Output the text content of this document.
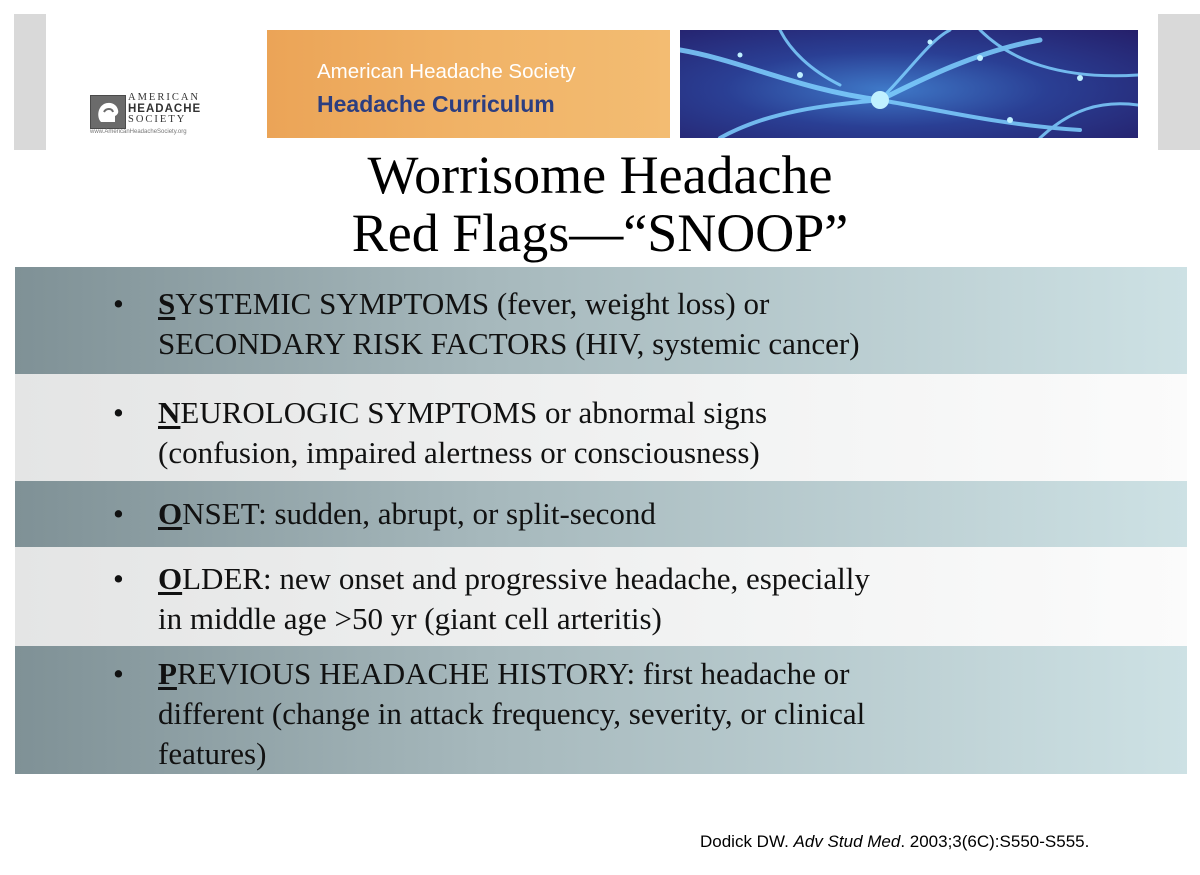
AMERICAN
HEADACHE
SOCIETY
www.AmericanHeadacheSociety.org
American Headache Society
Headache Curriculum
Worrisome Headache
Red Flags—“SNOOP”
• SYSTEMIC SYMPTOMS (fever, weight loss) or
SECONDARY RISK FACTORS (HIV, systemic cancer)
• NEUROLOGIC SYMPTOMS or abnormal signs
(confusion, impaired alertness or consciousness)
• ONSET: sudden, abrupt, or split-second
• OLDER: new onset and progressive headache, especially
in middle age >50 yr (giant cell arteritis)
• PREVIOUS HEADACHE HISTORY: first headache or
different (change in attack frequency, severity, or clinical
features)
Dodick DW. Adv Stud Med. 2003;3(6C):S550-S555.
